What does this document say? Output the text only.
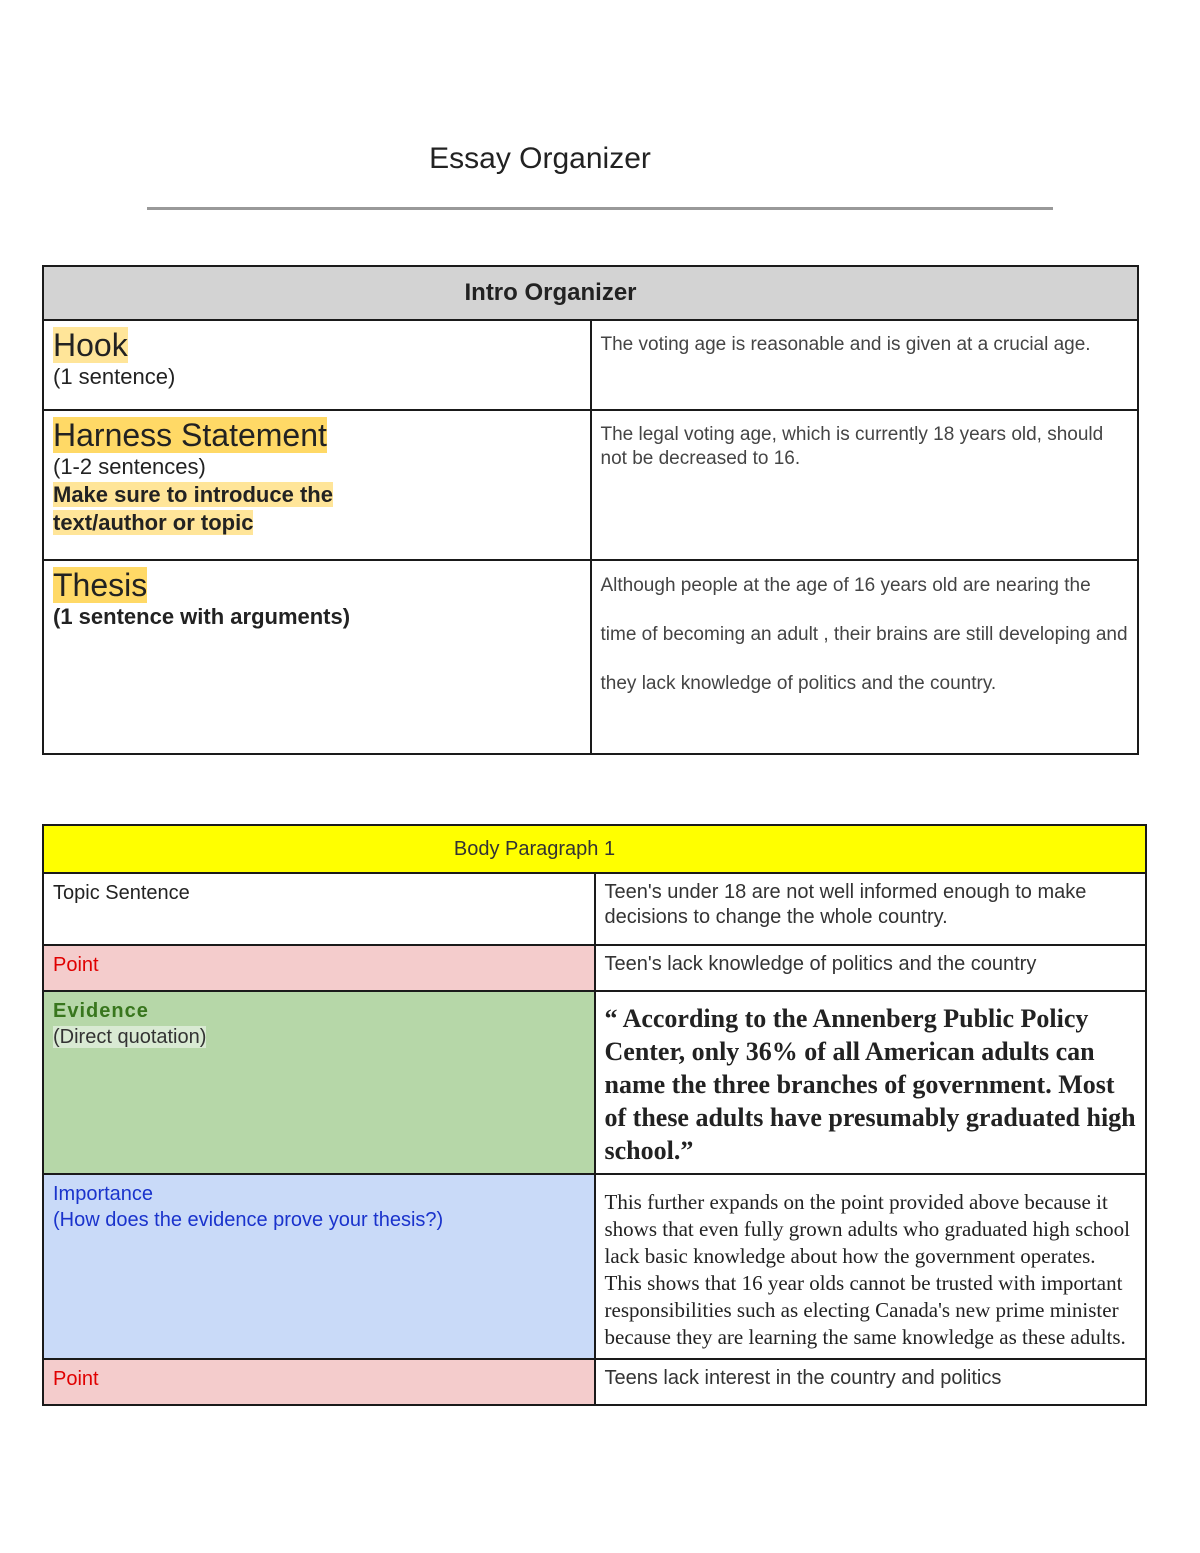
Essay Organizer
Intro Organizer	

Hook
(1 sentence)	The voting age is reasonable and is given at a crucial age.

Harness Statement
(1-2 sentences)
Make sure to introduce the
text/author or topic	The legal voting age, which is currently 18 years old, should not be decreased to 16.

Thesis
(1 sentence with arguments)	Although people at the age of 16 years old are nearing the time of becoming an adult , their brains are still developing and they lack knowledge of politics and the country.
Body Paragraph 1	
Topic Sentence	Teen's under 18 are not well informed enough to make decisions to change the whole country.
Point	Teen's lack knowledge of politics and the country

Evidence
(Direct quotation)	“ According to the Annenberg Public Policy Center, only 36% of all American adults can name the three branches of government. Most of these adults have presumably graduated high school.”

Importance
(How does the evidence prove your thesis?)	This further expands on the point provided above because it shows that even fully grown adults who graduated high school lack basic knowledge about how the government operates. This shows that 16 year olds cannot be trusted with important responsibilities such as electing Canada's new prime minister because they are learning the same knowledge as these adults.
Point	Teens lack interest in the country and politics
